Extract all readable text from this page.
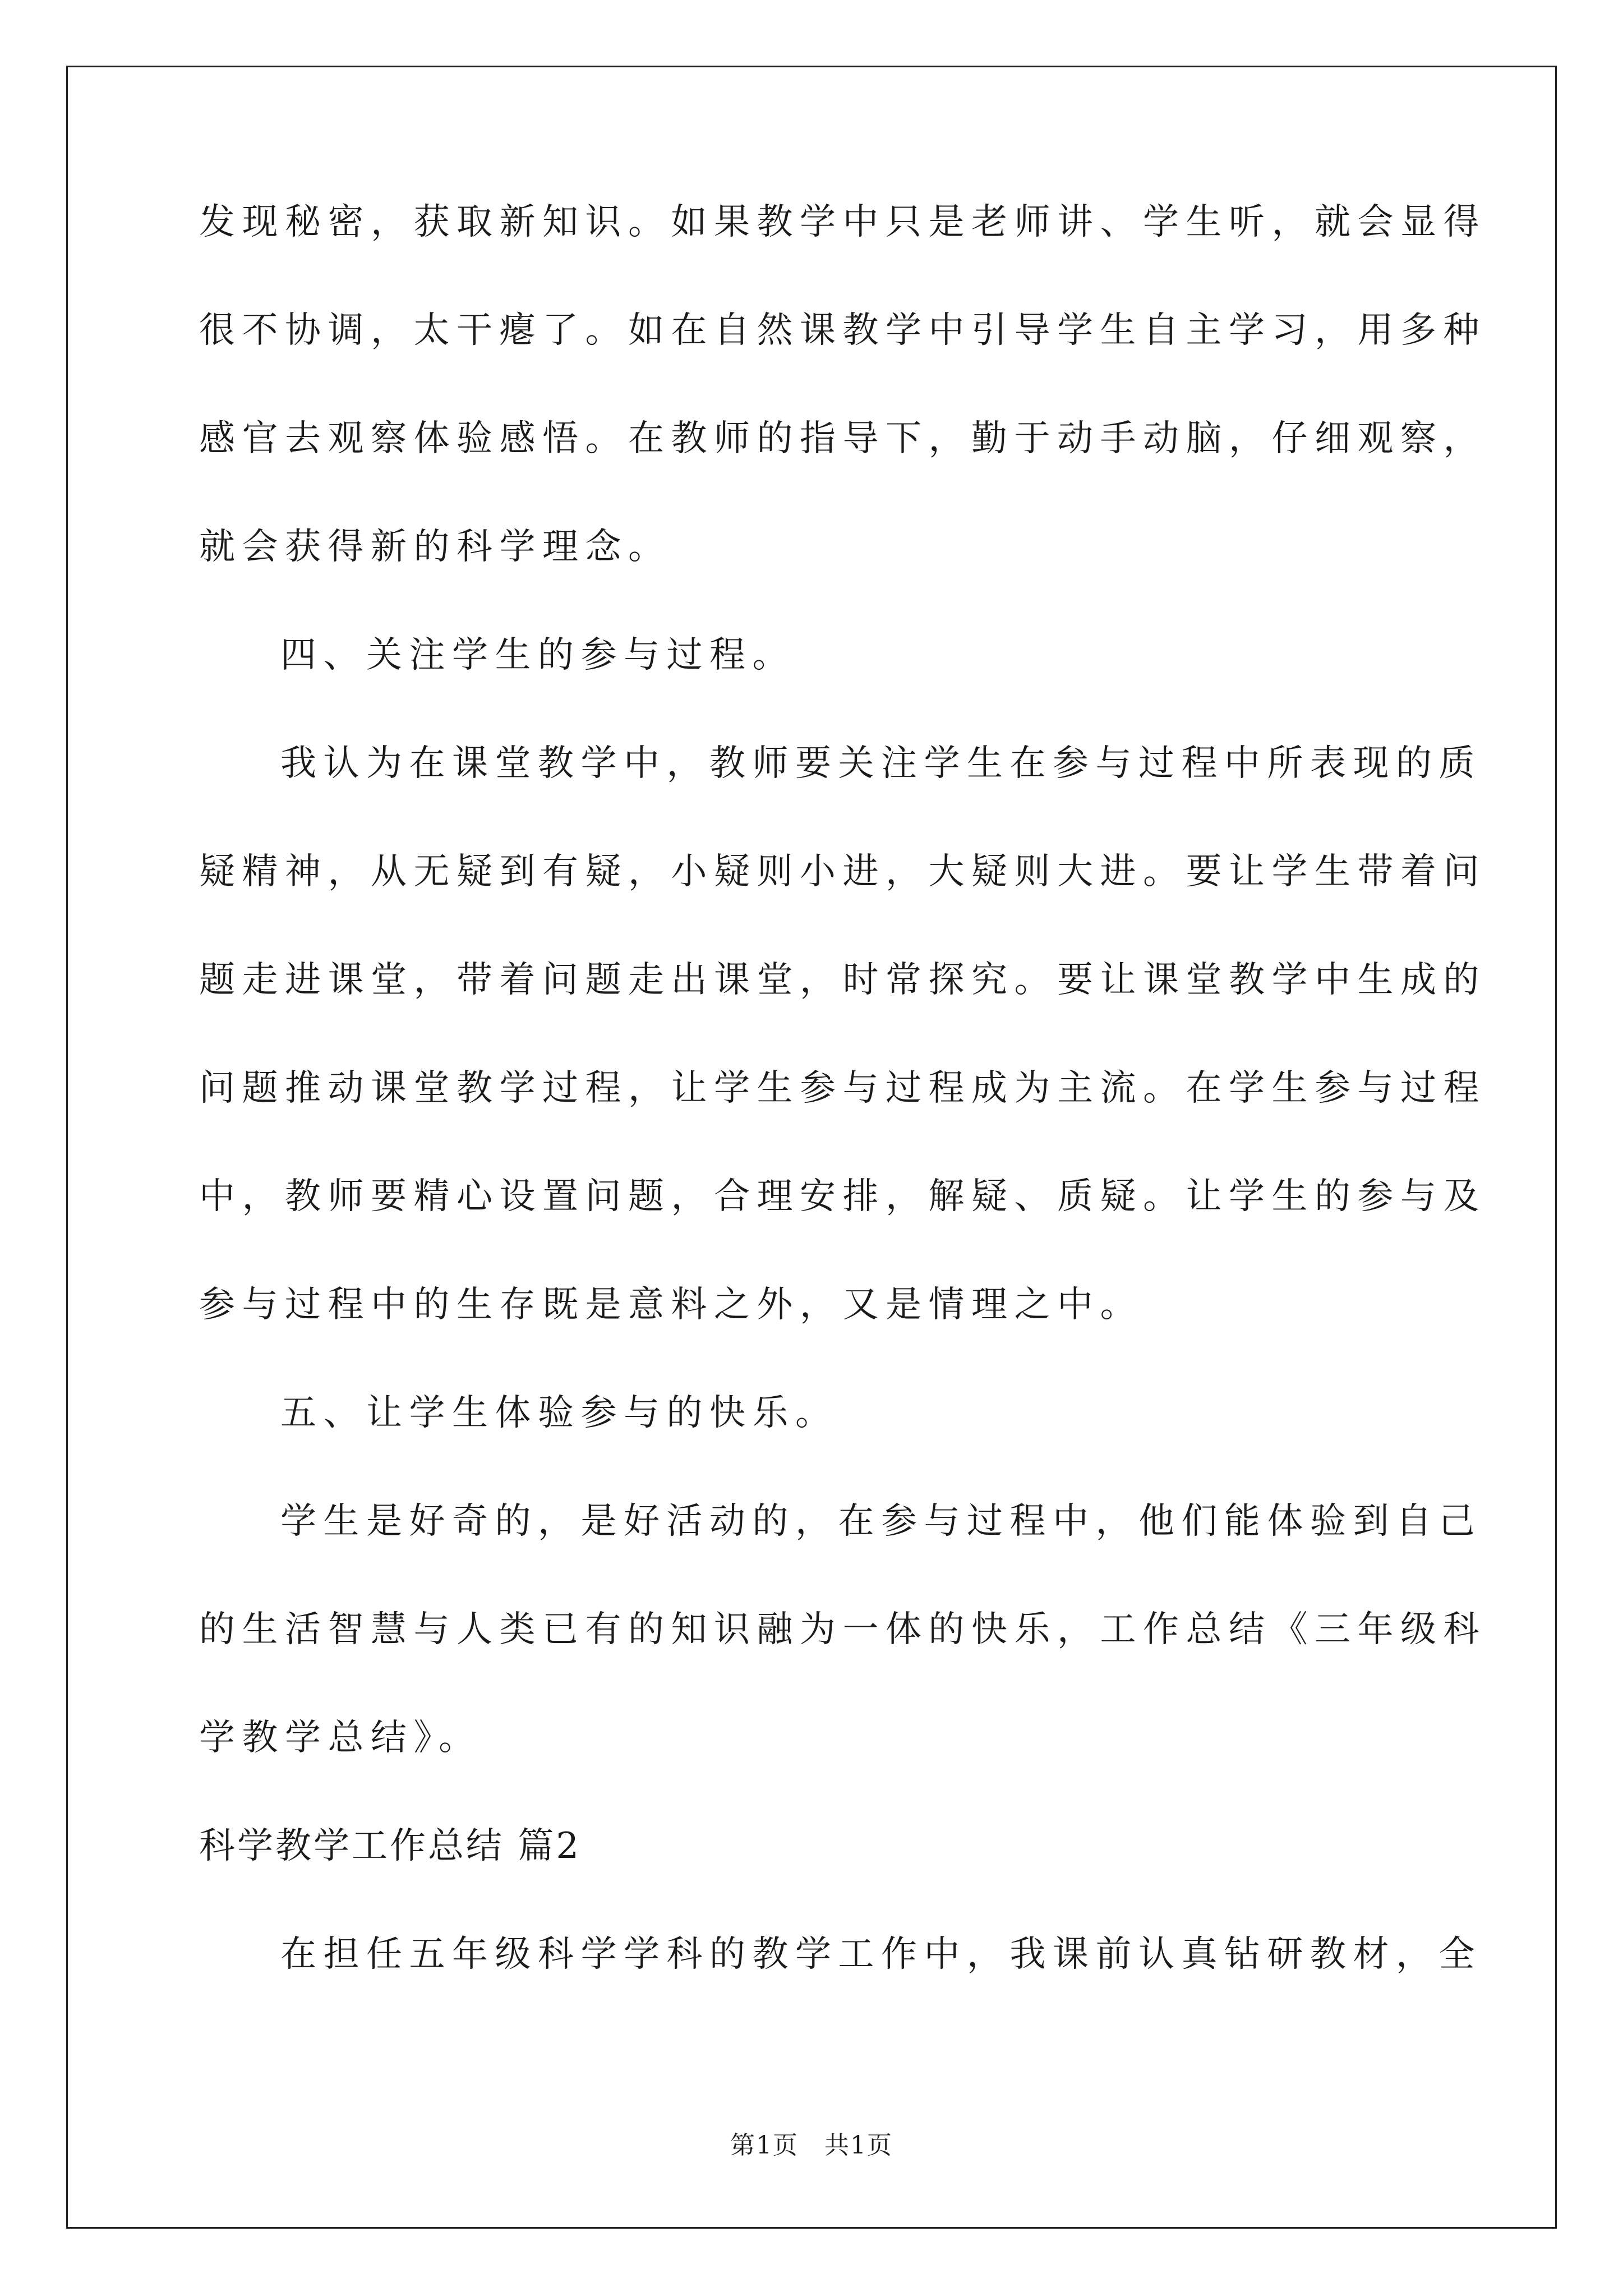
发现秘密，获取新知识。如果教学中只是老师讲、学生听，就会显得
很不协调，太干瘪了。如在自然课教学中引导学生自主学习，用多种
感官去观察体验感悟。在教师的指导下，勤于动手动脑，仔细观察，
就会获得新的科学理念。
四、关注学生的参与过程。
我认为在课堂教学中，教师要关注学生在参与过程中所表现的质
疑精神，从无疑到有疑，小疑则小进，大疑则大进。要让学生带着问
题走进课堂，带着问题走出课堂，时常探究。要让课堂教学中生成的
问题推动课堂教学过程，让学生参与过程成为主流。在学生参与过程
中，教师要精心设置问题，合理安排，解疑、质疑。让学生的参与及
参与过程中的生存既是意料之外，又是情理之中。
五、让学生体验参与的快乐。
学生是好奇的，是好活动的，在参与过程中，他们能体验到自己
的生活智慧与人类已有的知识融为一体的快乐，工作总结《三年级科
学教学总结》。
科学教学工作总结 篇2
在担任五年级科学学科的教学工作中，我课前认真钻研教材，全
第1页　共1页
